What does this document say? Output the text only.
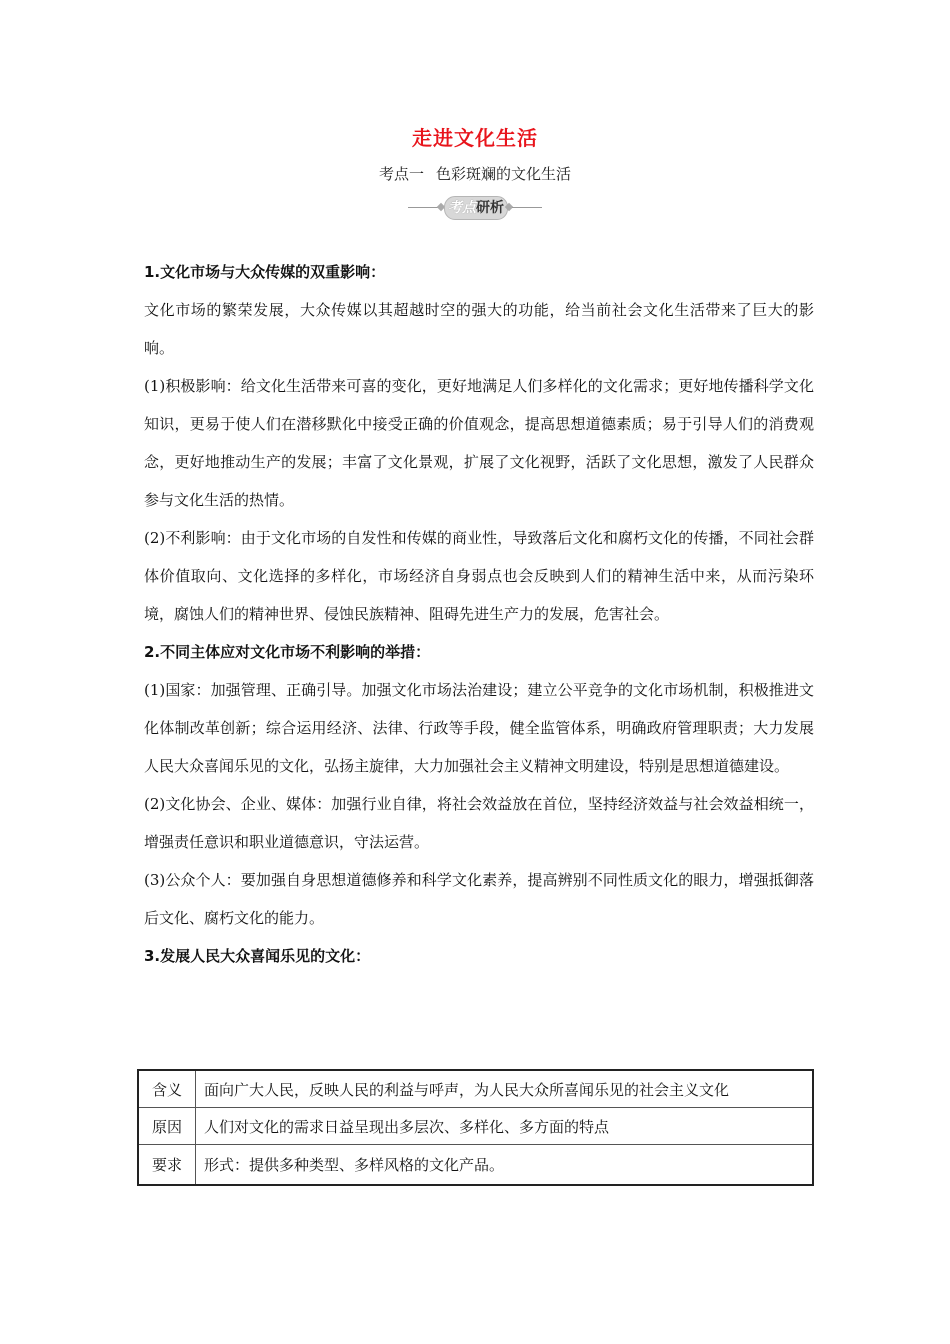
走进文化生活
考点一 色彩斑斓的文化生活
考点研析

1.文化市场与大众传媒的双重影响：

文化市场的繁荣发展，大众传媒以其超越时空的强大的功能，给当前社会文化生活带来了巨大的影响。

(1)积极影响：给文化生活带来可喜的变化，更好地满足人们多样化的文化需求；更好地传播科学文化知识，更易于使人们在潜移默化中接受正确的价值观念，提高思想道德素质；易于引导人们的消费观念，更好地推动生产的发展；丰富了文化景观，扩展了文化视野，活跃了文化思想，激发了人民群众参与文化生活的热情。

(2)不利影响：由于文化市场的自发性和传媒的商业性，导致落后文化和腐朽文化的传播，不同社会群体价值取向、文化选择的多样化，市场经济自身弱点也会反映到人们的精神生活中来，从而污染环境，腐蚀人们的精神世界、侵蚀民族精神、阻碍先进生产力的发展，危害社会。

2.不同主体应对文化市场不利影响的举措：

(1)国家：加强管理、正确引导。加强文化市场法治建设；建立公平竞争的文化市场机制，积极推进文化体制改革创新；综合运用经济、法律、行政等手段，健全监管体系，明确政府管理职责；大力发展人民大众喜闻乐见的文化，弘扬主旋律，大力加强社会主义精神文明建设，特别是思想道德建设。

(2)文化协会、企业、媒体：加强行业自律，将社会效益放在首位，坚持经济效益与社会效益相统一，增强责任意识和职业道德意识，守法运营。

(3)公众个人：要加强自身思想道德修养和科学文化素养，提高辨别不同性质文化的眼力，增强抵御落后文化、腐朽文化的能力。

3.发展人民大众喜闻乐见的文化：

含义	面向广大人民，反映人民的利益与呼声，为人民大众所喜闻乐见的社会主义文化
原因	人们对文化的需求日益呈现出多层次、多样化、多方面的特点
要求	形式：提供多种类型、多样风格的文化产品。
